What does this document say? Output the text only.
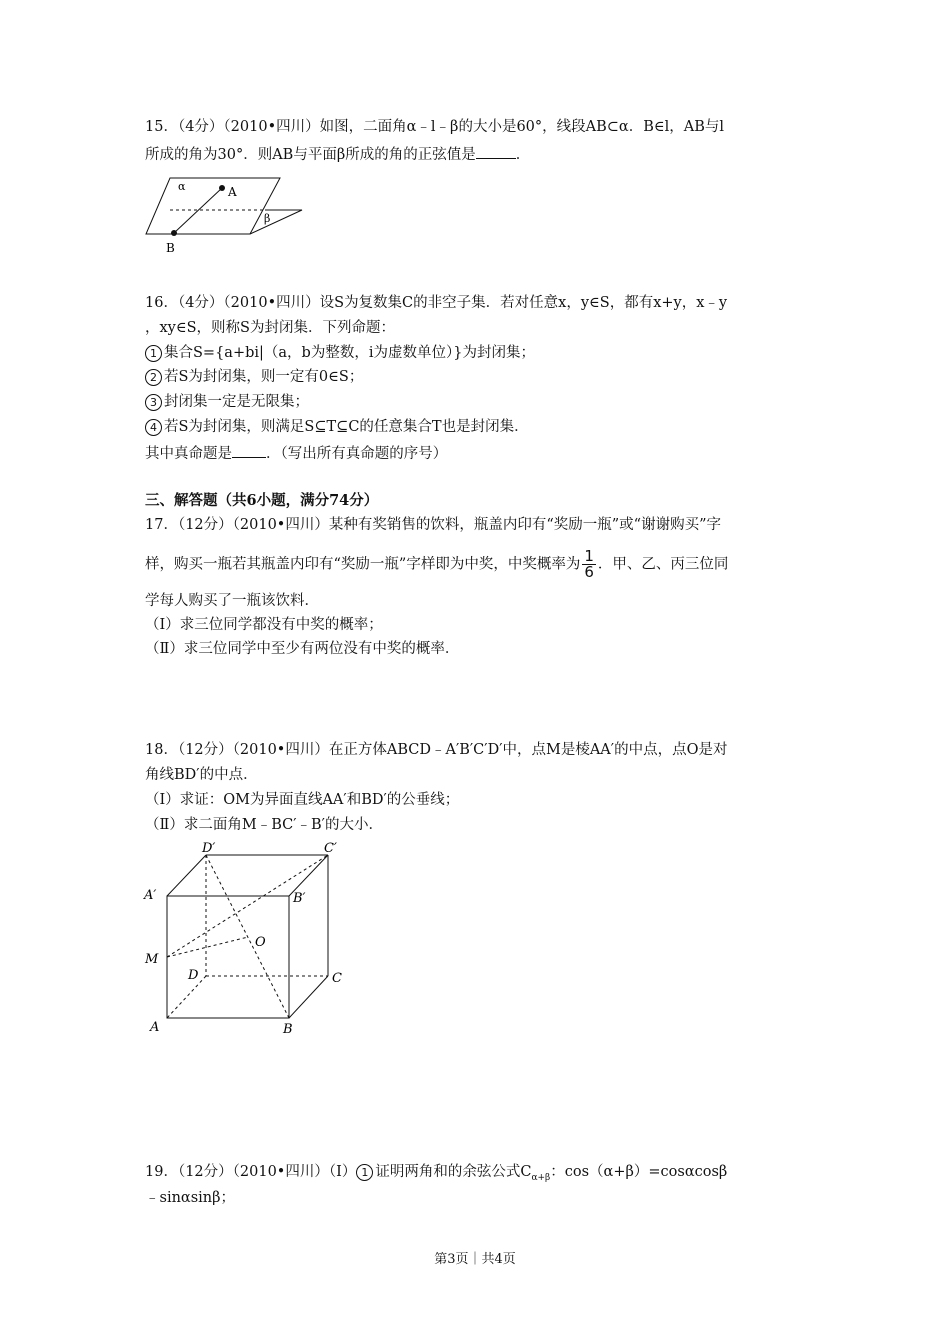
15．（4分）（2010•四川）如图，二面角α﹣l﹣β的大小是60°，线段AB⊂α．B∈l，AB与l
所成的角为30°．则AB与平面β所成的角的正弦值是	．
α	A
β
B
16．（4分）（2010•四川）设S为复数集C的非空子集．若对任意x，y∈S，都有x+y，x﹣y
，xy∈S，则称S为封闭集．下列命题：
1 集合S={a+bi|（a，b为整数，i为虚数单位）}为封闭集；
2 若S为封闭集，则一定有0∈S；
3 封闭集一定是无限集；
4 若S为封闭集，则满足S⊆T⊆C的任意集合T也是封闭集．
其中真命题是 ．（写出所有真命题的序号）
三、解答题（共6小题，满分74分）
17．（12分）（2010•四川）某种有奖销售的饮料，瓶盖内印有“奖励一瓶”或“谢谢购买”字
样，购买一瓶若其瓶盖内印有“奖励一瓶”字样即为中奖，中奖概率为 $\frac{1}{6}$ ．甲、乙、丙三位同
学每人购买了一瓶该饮料．
（Ⅰ）求三位同学都没有中奖的概率；
（Ⅱ）求三位同学中至少有两位没有中奖的概率．
18．（12分）（2010•四川）在正方体ABCD﹣A′B′C′D′中，点M是棱AA′的中点，点O是对
角线BD′的中点．
（Ⅰ）求证：OM为异面直线AA′和BD′的公垂线；
（Ⅱ）求二面角M﹣BC′﹣B′的大小．
D′	C′
A′	B′
M
O
D	C
A	B
19．（12分）（2010•四川）（Ⅰ） 1 证明两角和的余弦公式$C_{\alpha+\beta}$：cos（α+β）=cosαcosβ
﹣sinαsinβ；
第3页｜共4页
